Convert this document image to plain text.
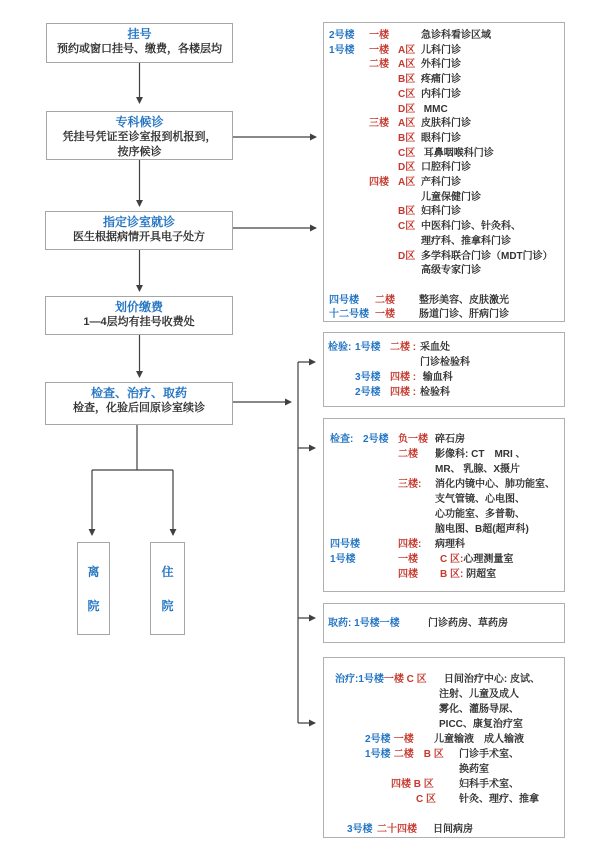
挂号
预约或窗口挂号、缴费，各楼层均
专科候诊
凭挂号凭证至诊室报到机报到，
按序候诊
指定诊室就诊
医生根据病情开具电子处方
划价缴费
1—4层均有挂号收费处
检查、治疗、取药
检查，化验后回原诊室续诊
离
院
住
院
2号楼 一楼	急诊科看诊区域
1号楼 一楼 A区 儿科门诊
二楼 A区 外科门诊
B区 疼痛门诊
C区 内科门诊
D区 MMC
三楼 A区 皮肤科门诊
B区 眼科门诊
C区 耳鼻咽喉科门诊
D区 口腔科门诊
四楼 A区 产科门诊
儿童保健门诊
B区 妇科门诊
C区 中医科门诊、针灸科、
理疗科、推拿科门诊
D区 多学科联合门诊（MDT门诊）
高级专家门诊

四号楼 二楼 整形美容、皮肤激光
十二号楼 一楼 肠道门诊、肝病门诊
检验: 1号楼 二楼 : 采血处
门诊检验科
3号楼 四楼 : 输血科
2号楼 四楼 : 检验科
检查: 2号楼 负一楼 碎石房
二楼 影像科: CT　MRI 、
MR、 乳腺、X摄片
三楼: 消化内镜中心、肺功能室、
支气管镜、心电图、
心功能室、多普勒、
脑电图、B超(超声科)
四号楼	四楼: 病理科
1号楼	一楼 C 区:心理测量室
四楼 B 区: 阴超室
取药: 1号楼一楼	门诊药房、草药房
治疗:1号楼一楼 C 区 日间治疗中心: 皮试、
注射、儿童及成人
雾化、灌肠导尿、
PICC、康复治疗室
2号楼 一楼 儿童输液　成人输液
1号楼 二楼 B 区 门诊手术室、
换药室
四楼 B 区	妇科手术室、
C 区 针灸、理疗、推拿

3号楼 二十四楼 日间病房
